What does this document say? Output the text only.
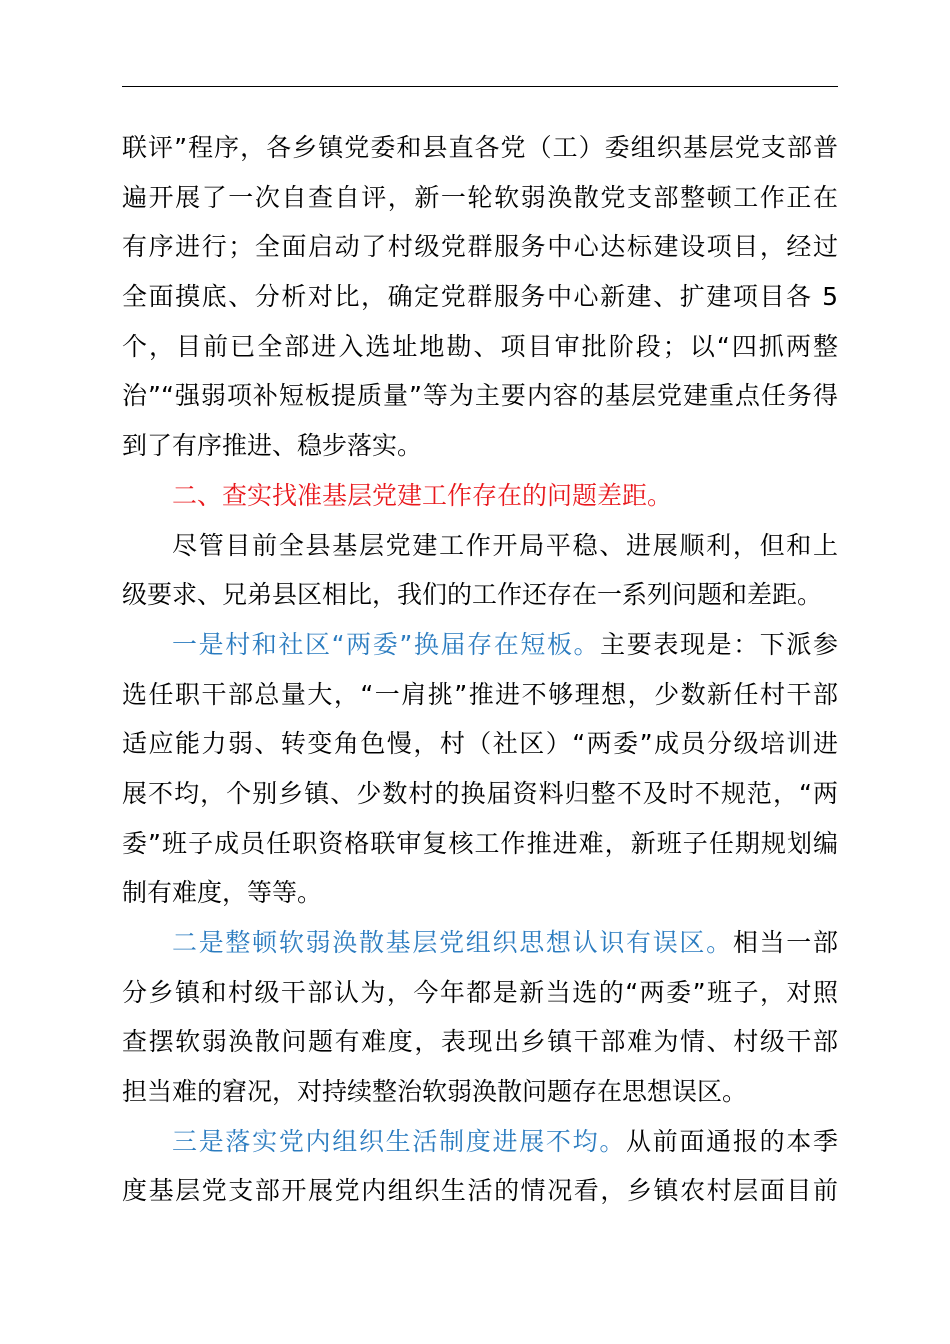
联评”程序，各乡镇党委和县直各党（工）委组织基层党支部普
遍开展了一次自查自评，新一轮软弱涣散党支部整顿工作正在
有序进行；全面启动了村级党群服务中心达标建设项目，经过
全面摸底、分析对比，确定党群服务中心新建、扩建项目各 5
个，目前已全部进入选址地勘、项目审批阶段；以“四抓两整
治”“强弱项补短板提质量”等为主要内容的基层党建重点任务得
到了有序推进、稳步落实。
二、查实找准基层党建工作存在的问题差距。
尽管目前全县基层党建工作开局平稳、进展顺利，但和上
级要求、兄弟县区相比，我们的工作还存在一系列问题和差距。
一是村和社区“两委”换届存在短板。主要表现是：下派参
选任职干部总量大，“一肩挑”推进不够理想，少数新任村干部
适应能力弱、转变角色慢，村（社区）“两委”成员分级培训进
展不均，个别乡镇、少数村的换届资料归整不及时不规范，“两
委”班子成员任职资格联审复核工作推进难，新班子任期规划编
制有难度，等等。
二是整顿软弱涣散基层党组织思想认识有误区。相当一部
分乡镇和村级干部认为，今年都是新当选的“两委”班子，对照
查摆软弱涣散问题有难度，表现出乡镇干部难为情、村级干部
担当难的窘况，对持续整治软弱涣散问题存在思想误区。
三是落实党内组织生活制度进展不均。从前面通报的本季
度基层党支部开展党内组织生活的情况看，乡镇农村层面目前
